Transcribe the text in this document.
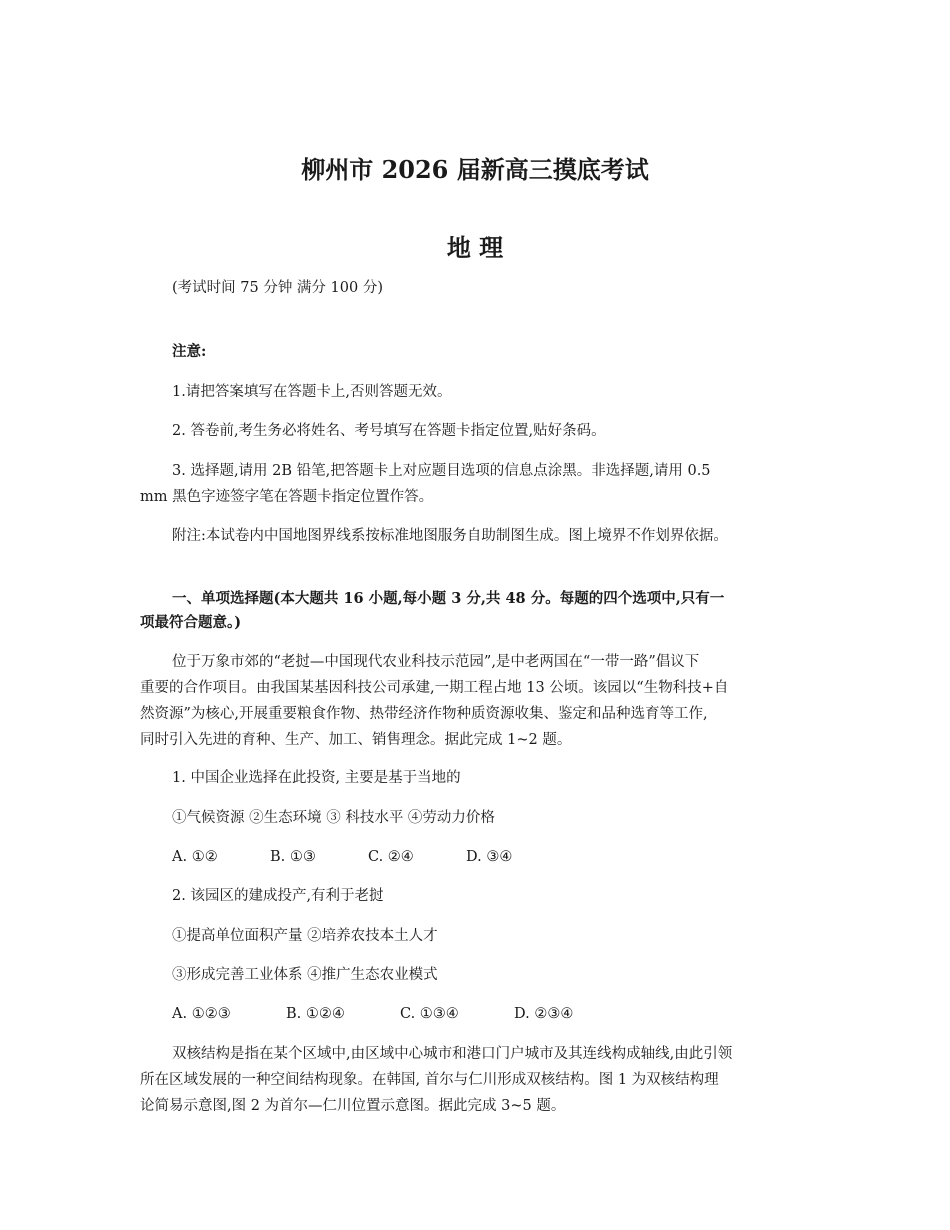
柳州市 2026 届新高三摸底考试
地 理
(考试时间 75 分钟 满分 100 分)
注意:
1.请把答案填写在答题卡上,否则答题无效。
2. 答卷前,考生务必将姓名、考号填写在答题卡指定位置,贴好条码。
3. 选择题,请用 2B 铅笔,把答题卡上对应题目选项的信息点涂黑。非选择题,请用 0.5
mm 黑色字迹签字笔在答题卡指定位置作答。
附注:本试卷内中国地图界线系按标准地图服务自助制图生成。图上境界不作划界依据。
一、单项选择题(本大题共 16 小题,每小题 3 分,共 48 分。每题的四个选项中,只有一
项最符合题意。)
位于万象市郊的“老挝—中国现代农业科技示范园”,是中老两国在“一带一路”倡议下
重要的合作项目。由我国某基因科技公司承建,一期工程占地 13 公顷。该园以“生物科技+自
然资源”为核心,开展重要粮食作物、热带经济作物种质资源收集、鉴定和品种选育等工作,
同时引入先进的育种、生产、加工、销售理念。据此完成 1~2 题。
1. 中国企业选择在此投资, 主要是基于当地的
①气候资源 ②生态环境 ③ 科技水平 ④劳动力价格
A. ①②	B. ①③	C. ②④	D. ③④
2. 该园区的建成投产,有利于老挝
①提高单位面积产量 ②培养农技本土人才
③形成完善工业体系 ④推广生态农业模式
A. ①②③	B. ①②④	C. ①③④	D. ②③④
双核结构是指在某个区域中,由区域中心城市和港口门户城市及其连线构成轴线,由此引领
所在区域发展的一种空间结构现象。在韩国, 首尔与仁川形成双核结构。图 1 为双核结构理
论简易示意图,图 2 为首尔—仁川位置示意图。据此完成 3~5 题。
